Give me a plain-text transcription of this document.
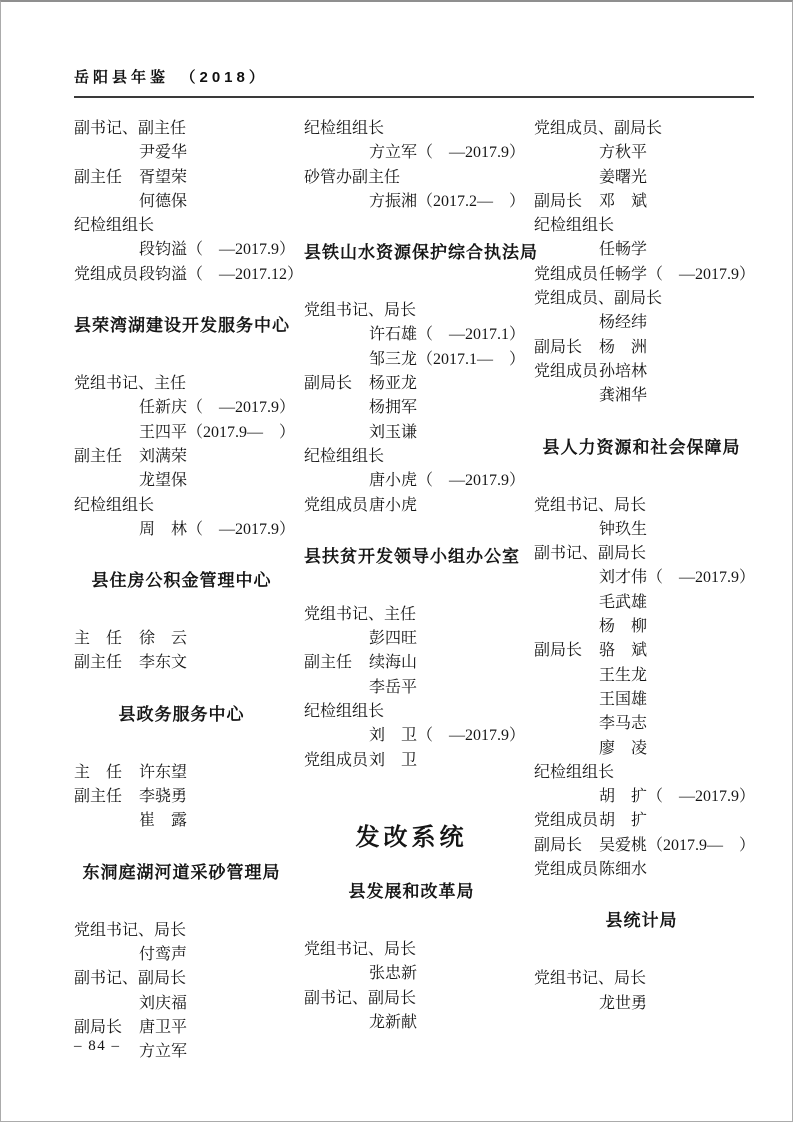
岳阳县年鉴　（2018）
副书记、副主任
尹爱华
副主任	胥望荣
何德保
纪检组组长
段钧溢（　—2017.9）
党组成员 段钧溢（　—2017.12）
县荣湾湖建设开发服务中心
党组书记、主任
任新庆（　—2017.9）
王四平（2017.9—　）
副主任	刘满荣
龙望保
纪检组组长
周　林（　—2017.9）
县住房公积金管理中心
主　任	徐　云
副主任	李东文
县政务服务中心
主　任	许东望
副主任	李骁勇
崔　露
东洞庭湖河道采砂管理局
党组书记、局长
付鸾声
副书记、副局长
刘庆福
副局长	唐卫平
方立军
纪检组组长
方立军（　—2017.9）
砂管办副主任
方振湘（2017.2—　）
县铁山水资源保护综合执法局
党组书记、局长
许石雄（　—2017.1）
邹三龙（2017.1—　）
副局长	杨亚龙
杨拥军
刘玉谦
纪检组组长
唐小虎（　—2017.9）
党组成员 唐小虎
县扶贫开发领导小组办公室
党组书记、主任
彭四旺
副主任	续海山
李岳平
纪检组组长
刘　卫（　—2017.9）
党组成员 刘　卫
发改系统
县发展和改革局
党组书记、局长
张忠新
副书记、副局长
龙新献
党组成员、副局长
方秋平
姜曙光
副局长	邓　斌
纪检组组长
任畅学
党组成员 任畅学（　—2017.9）
党组成员、副局长
杨经纬
副局长	杨　洲
党组成员 孙培林
龚湘华
县人力资源和社会保障局
党组书记、局长
钟玖生
副书记、副局长
刘才伟（　—2017.9）
毛武雄
杨　柳
副局长	骆　斌
王生龙
王国雄
李马志
廖　凌
纪检组组长
胡　扩（　—2017.9）
党组成员 胡　扩
副局长	吴爱桃（2017.9—　）
党组成员 陈细水
县统计局
党组书记、局长
龙世勇
– 84 –
